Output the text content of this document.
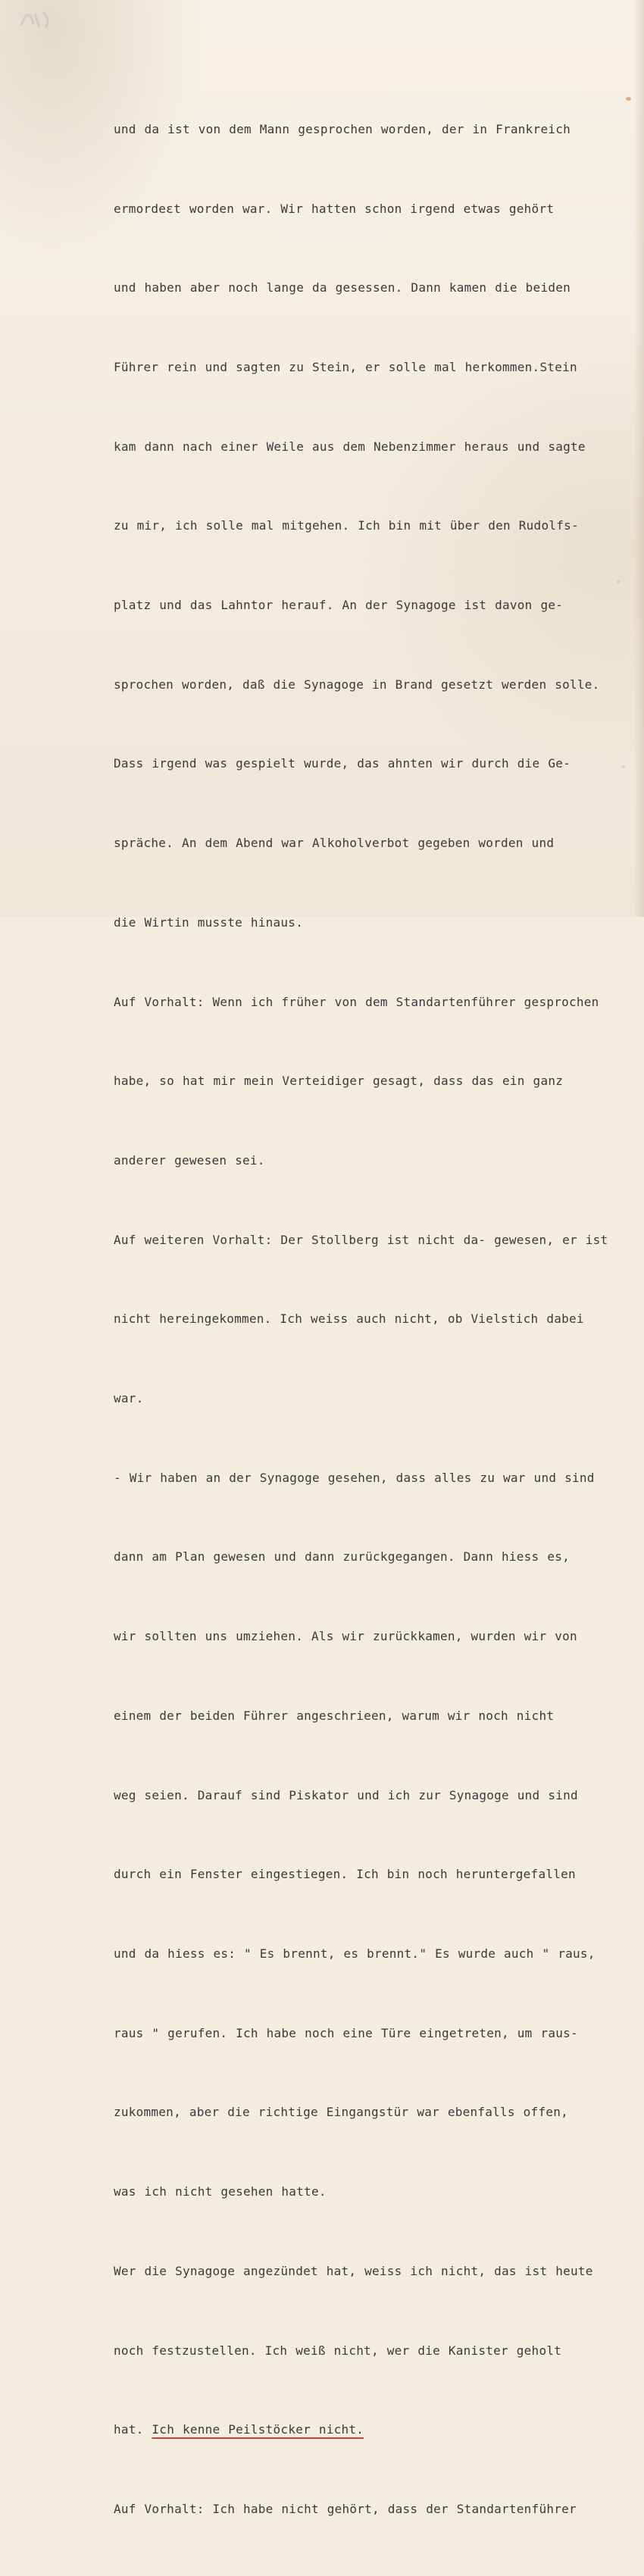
und da ist von dem Mann gesprochen worden, der in Frankreich

ermordeɛt worden war. Wir hatten schon irgend etwas gehört

und haben aber noch lange da gesessen. Dann kamen die beiden

Führer rein und sagten zu Stein, er solle mal herkommen.Stein

kam dann nach einer Weile aus dem Nebenzimmer heraus und sagte

zu mir, ich solle mal mitgehen. Ich bin mit über den Rudolfs-

platz und das Lahntor herauf. An der Synagoge ist davon ge-

sprochen worden, daß die Synagoge in Brand gesetzt werden solle.

Dass irgend was gespielt wurde, das ahnten wir durch die Ge-

spräche. An dem Abend war Alkoholverbot gegeben worden und

die Wirtin musste hinaus.

Auf Vorhalt: Wenn ich früher von dem Standartenführer gesprochen

habe, so hat mir mein Verteidiger gesagt, dass das ein ganz

anderer gewesen sei.

Auf weiteren Vorhalt: Der Stollberg ist nicht da- gewesen, er ist

nicht hereingekommen. Ich weiss auch nicht, ob Vielstich dabei

war.

- Wir haben an der Synagoge gesehen, dass alles zu war und sind

dann am Plan gewesen und dann zurückgegangen. Dann hiess es,

wir sollten uns umziehen. Als wir zurückkamen, wurden wir von

einem der beiden Führer angeschrieen, warum wir noch nicht

weg seien. Darauf sind Piskator und ich zur Synagoge und sind

durch ein Fenster eingestiegen. Ich bin noch heruntergefallen

und da hiess es: " Es brennt, es brennt." Es wurde auch " raus,

raus " gerufen. Ich habe noch eine Türe eingetreten, um raus-

zukommen, aber die richtige Eingangstür war ebenfalls offen,

was ich nicht gesehen hatte.

Wer die Synagoge angezündet hat, weiss ich nicht, das ist heute

noch festzustellen. Ich weiß nicht, wer die Kanister geholt

hat. Ich kenne Peilstöcker nicht.

Auf Vorhalt: Ich habe nicht gehört, dass der Standartenführer
